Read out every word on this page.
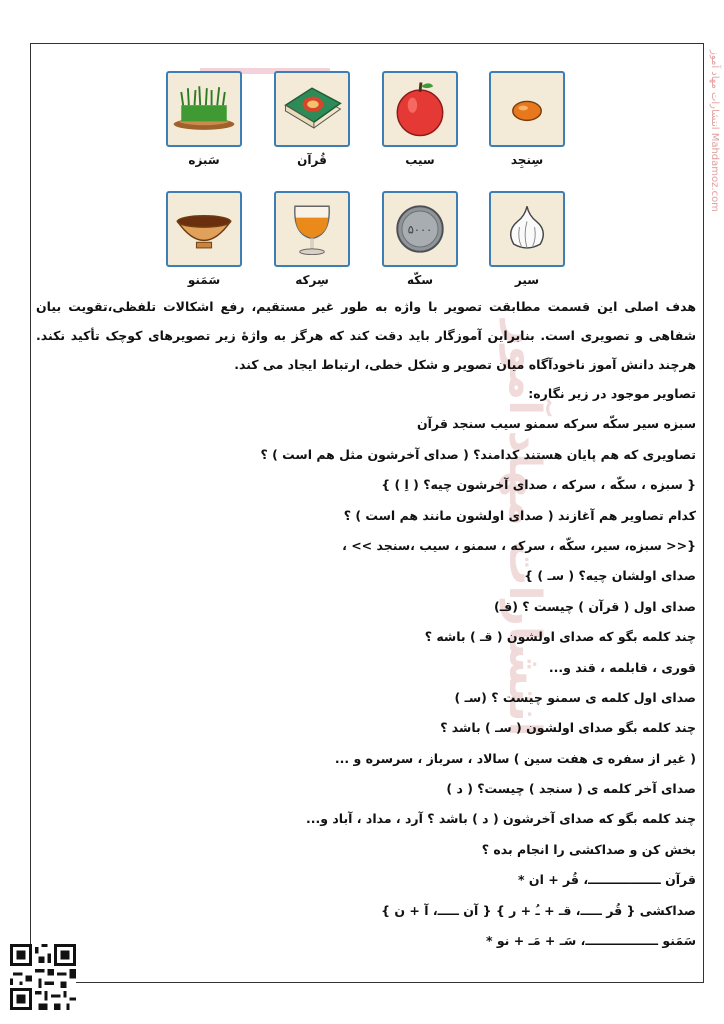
انتشارات مهاد آموز Mahdamoz.com
انتشارات مهاد آموز
سَبزه	قُرآن	سیب	سِنجِد
۵۰۰۰
سَمَنو	سِرکه	سکّه	سیر

هدف اصلی این قسمت مطابقت تصویر با واژه به طور غیر مستقیم، رفع اشکالات تلفظی،تقویت بیان شفاهی و تصویری است. بنابراین آموزگار باید دقت کند که هرگز به واژهٔ زیر تصویرهای کوچک تأکید نکند. هرچند دانش آموز ناخودآگاه میان تصویر و شکل خطی، ارتباط ایجاد می کند.

تصاویر موجود در زیر نگاره:
سبزه سیر سکّه سرکه سمنو سیب سنجد قرآن
تصاویری که هم پایان هستند کدامند؟ ( صدای آخرشون مثل هم است ) ؟
{ سبزه ، سکّه ، سرکه ، صدای آخرشون چیه؟ ( اِ ) }
کدام تصاویر هم آغازند ( صدای اولشون مانند هم است ) ؟
{<< سبزه، سیر، سکّه ، سرکه ، سمنو ، سیب ،سنجد >> ،
صدای اولشان چیه؟ ( سـ ) }
صدای اول ( قرآن ) چیست ؟ (قـ)
چند کلمه بگو که صدای اولشون ( قـ ) باشه ؟
قوری ، قابلمه ، قند و...
صدای اول کلمه ی سمنو چیست ؟ (سـ )
چند کلمه بگو صدای اولشون ( سـ ) باشد ؟
( غیر از سفره ی هفت سین ) سالاد ، سرباز ، سرسره و ...
صدای آخر کلمه ی ( سنجد ) چیست؟ ( د )
چند کلمه بگو که صدای آخرشون ( د ) باشد ؟ آرد ، مداد ، آباد و...
بخش کن و صداکشی را انجام بده ؟
قرآن ـــــــــــــــــ، قُر + ان *
صداکشی { قُر ـــــ، قـ + ـُ + ر } { آن ـــــ، آ + ن }
سَمَنو ـــــــــــــــــ، سَـ + مَـ + نو *
